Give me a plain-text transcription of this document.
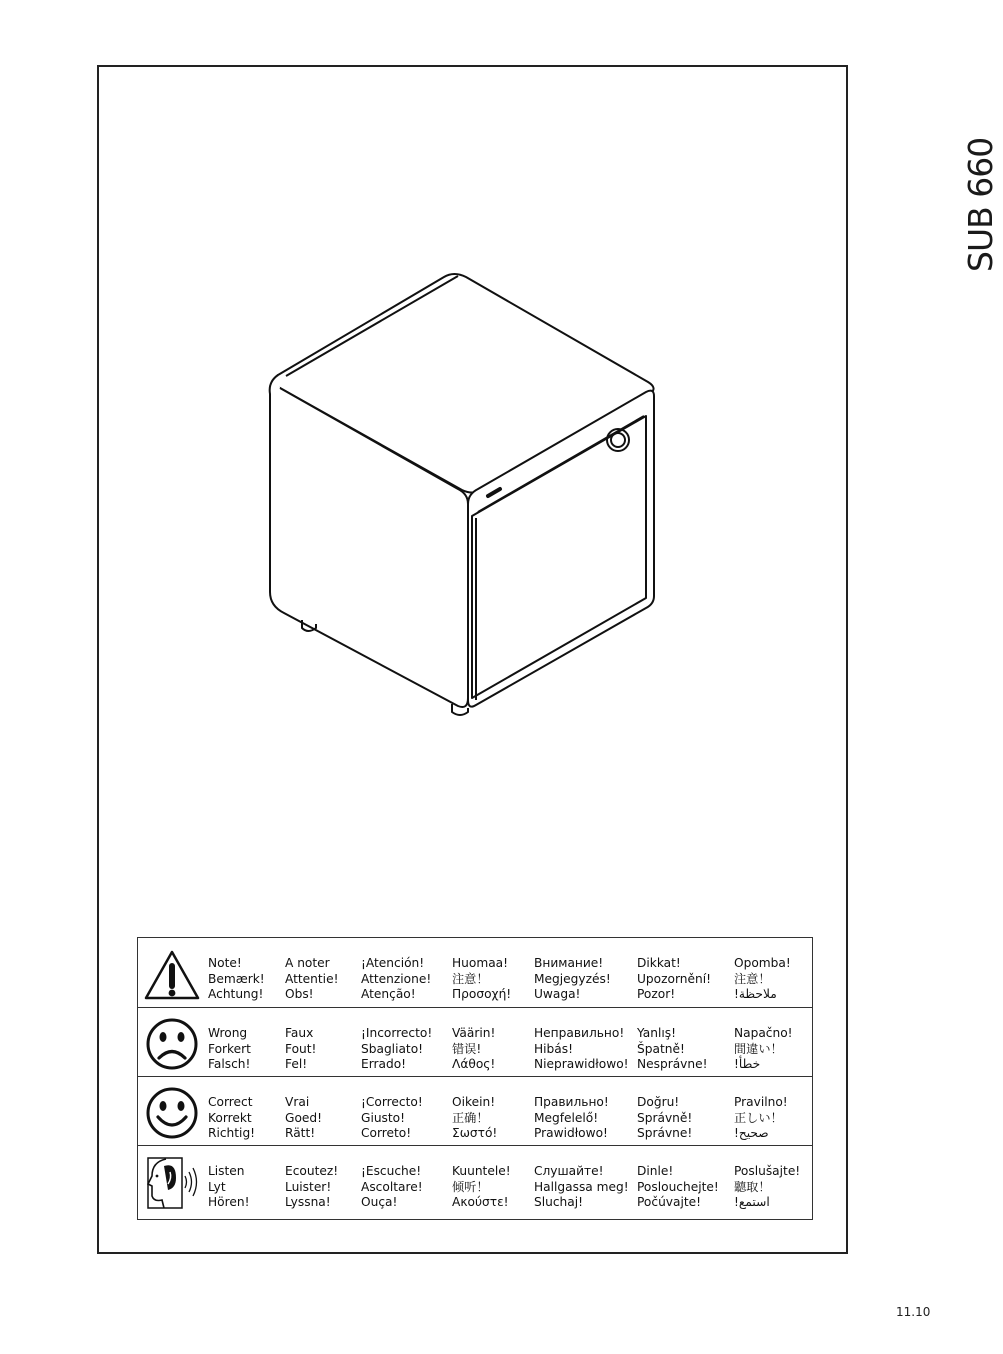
SUB 660
Note!
Bemærk!
Achtung!
A noter
Attentie!
Obs!
¡Atención!
Attenzione!
Atenção!
Huomaa!
注意！
Προσοχή!
Внимание!
Megjegyzés!
Uwaga!
Dikkat!
Upozornění!
Pozor!
Opomba!
注意！
!ملاحظة
Wrong
Forkert
Falsch!
Faux
Fout!
Fel!
¡Incorrecto!
Sbagliato!
Errado!
Väärin!
错误!
Λάθος!
Неправильно!
Hibás!
Nieprawidłowo!
Yanlış!
Špatně!
Nesprávne!
Napačno!
間違い！
!خطأ
Correct
Korrekt
Richtig!
Vrai
Goed!
Rätt!
¡Correcto!
Giusto!
Correto!
Oikein!
正确！
Σωστό!
Правильно!
Megfelelő!
Prawidłowo!
Doğru!
Správně!
Správne!
Pravilno!
正しい！
!صحيح
Listen
Lyt
Hören!
Ecoutez!
Luister!
Lyssna!
¡Escuche!
Ascoltare!
Ouça!
Kuuntele!
倾听！
Ακούστε!
Слушайте!
Hallgassa meg!
Sluchaj!
Dinle!
Poslouchejte!
Počúvajte!
Poslušajte!
聽取！
!استمع
11.10
